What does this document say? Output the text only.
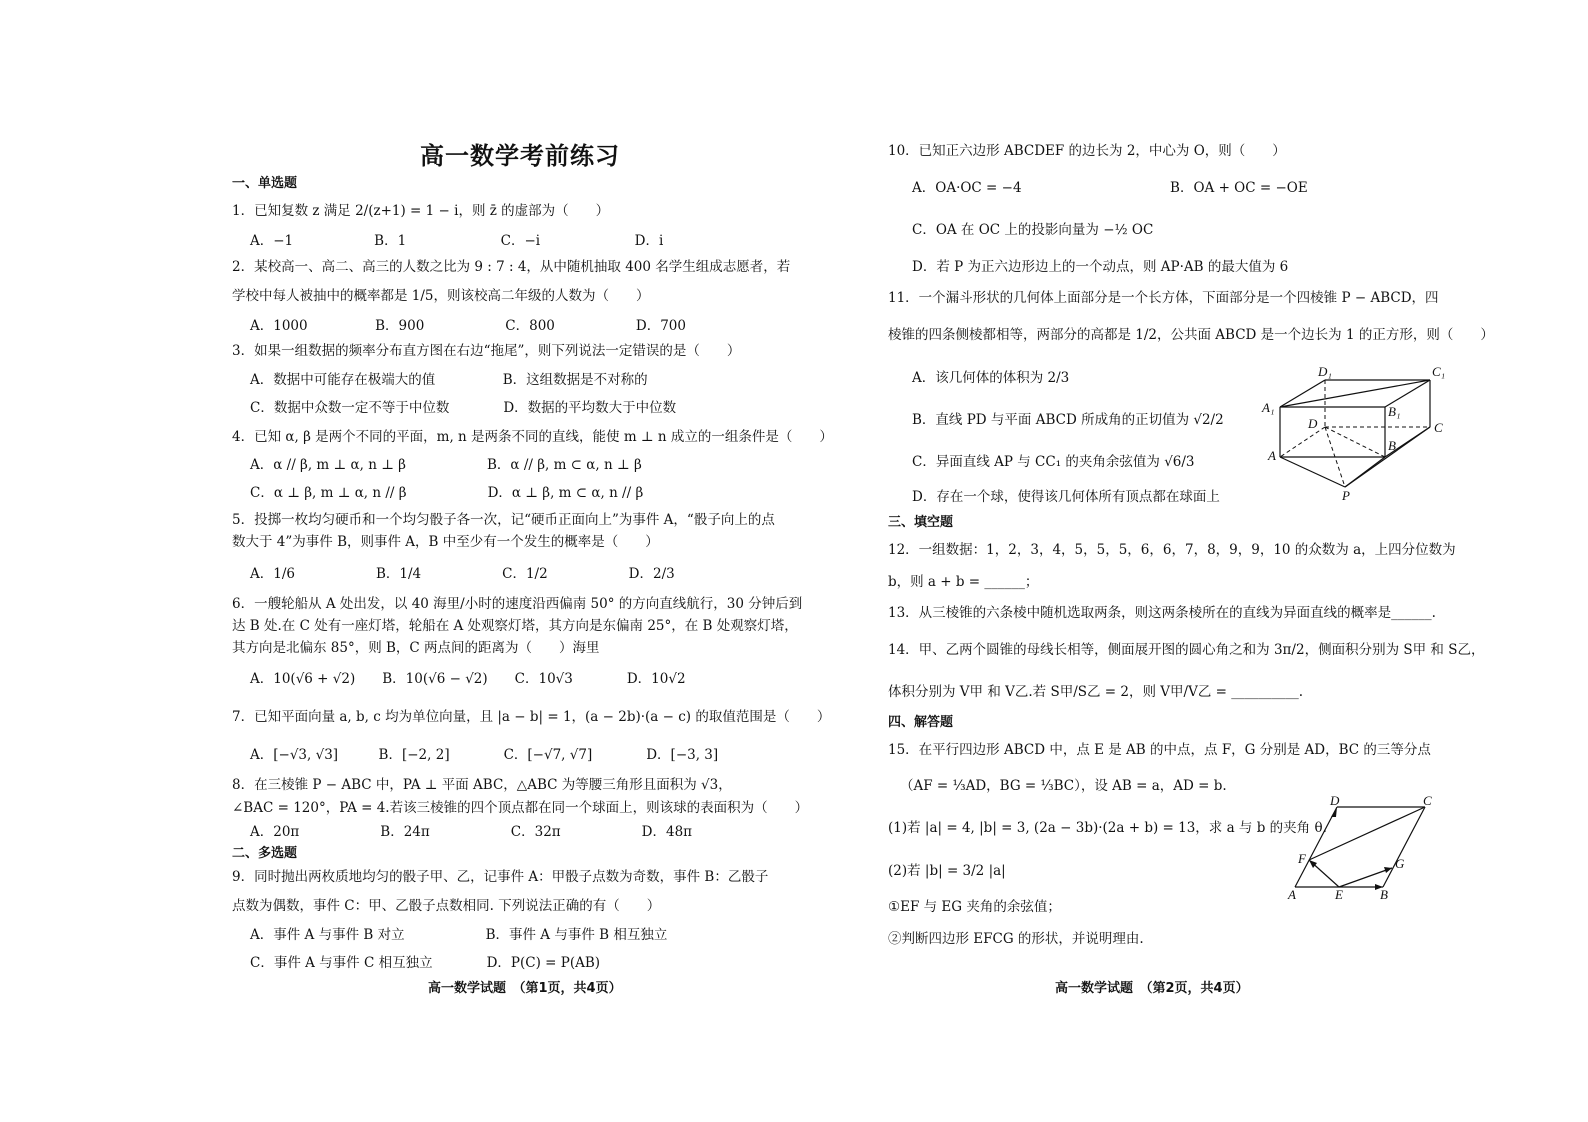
高一数学考前练习
一、单选题
1．已知复数 z 满足 2/(z+1) = 1 − i，则 z̄ 的虚部为（　　）
A．−1　　　　　　B．1　　　　　　　C．−i　　　　　　　D．i
2．某校高一、高二、高三的人数之比为 9 : 7 : 4，从中随机抽取 400 名学生组成志愿者，若
学校中每人被抽中的概率都是 1/5，则该校高二年级的人数为（　　）
A．1000　　　　　B．900　　　　　　C．800　　　　　　D．700
3．如果一组数据的频率分布直方图在右边“拖尾”，则下列说法一定错误的是（　　）
A．数据中可能存在极端大的值　　　　　B．这组数据是不对称的
C．数据中众数一定不等于中位数　　　　D．数据的平均数大于中位数
4．已知 α, β 是两个不同的平面，m, n 是两条不同的直线，能使 m ⊥ n 成立的一组条件是（　　）
A．α // β, m ⊥ α, n ⊥ β　　　　　　B．α // β, m ⊂ α, n ⊥ β
C．α ⊥ β, m ⊥ α, n // β　　　　　　D．α ⊥ β, m ⊂ α, n // β
5．投掷一枚均匀硬币和一个均匀骰子各一次，记“硬币正面向上”为事件 A，“骰子向上的点
数大于 4”为事件 B，则事件 A，B 中至少有一个发生的概率是（　　）
A．1/6　　　　　　B．1/4　　　　　　C．1/2　　　　　　D．2/3
6．一艘轮船从 A 处出发，以 40 海里/小时的速度沿西偏南 50° 的方向直线航行，30 分钟后到
达 B 处.在 C 处有一座灯塔，轮船在 A 处观察灯塔，其方向是东偏南 25°，在 B 处观察灯塔，
其方向是北偏东 85°，则 B，C 两点间的距离为（　　）海里
A．10(√6 + √2)　　B．10(√6 − √2)　　C．10√3　　　　D．10√2
7．已知平面向量 a, b, c 均为单位向量，且 |a − b| = 1，(a − 2b)·(a − c) 的取值范围是（　　）
A．[−√3, √3]　　　B．[−2, 2]　　　　C．[−√7, √7]　　　　D．[−3, 3]
8．在三棱锥 P − ABC 中，PA ⊥ 平面 ABC，△ABC 为等腰三角形且面积为 √3，
∠BAC = 120°，PA = 4.若该三棱锥的四个顶点都在同一个球面上，则该球的表面积为（　　）
A．20π　　　　　　B．24π　　　　　　C．32π　　　　　　D．48π
二、多选题
9．同时抛出两枚质地均匀的骰子甲、乙，记事件 A：甲骰子点数为奇数，事件 B：乙骰子
点数为偶数，事件 C：甲、乙骰子点数相同. 下列说法正确的有（　　）
A．事件 A 与事件 B 对立　　　　　　B．事件 A 与事件 B 相互独立
C．事件 A 与事件 C 相互独立　　　　D．P(C) = P(AB)
10．已知正六边形 ABCDEF 的边长为 2，中心为 O，则（　　）
A．OA·OC = −4　　　　　　　　　　　B．OA + OC = −OE
C．OA 在 OC 上的投影向量为 −½ OC
D．若 P 为正六边形边上的一个动点，则 AP·AB 的最大值为 6
11．一个漏斗形状的几何体上面部分是一个长方体，下面部分是一个四棱锥 P − ABCD，四
棱锥的四条侧棱都相等，两部分的高都是 1/2，公共面 ABCD 是一个边长为 1 的正方形，则（　　）
A．该几何体的体积为 2/3
B．直线 PD 与平面 ABCD 所成角的正切值为 √2/2
C．异面直线 AP 与 CC₁ 的夹角余弦值为 √6/3
D．存在一个球，使得该几何体所有顶点都在球面上
三、填空题
12．一组数据：1，2，3，4，5，5，5，6，6，7，8，9，9，10 的众数为 a，上四分位数为
b，则 a + b = ______；
13．从三棱锥的六条棱中随机选取两条，则这两条棱所在的直线为异面直线的概率是______.
14．甲、乙两个圆锥的母线长相等，侧面展开图的圆心角之和为 3π/2，侧面积分别为 S甲 和 S乙，
体积分别为 V甲 和 V乙.若 S甲/S乙 = 2，则 V甲/V乙 = __________.
四、解答题
15．在平行四边形 ABCD 中，点 E 是 AB 的中点，点 F，G 分别是 AD，BC 的三等分点
（AF = ⅓AD，BG = ⅓BC），设 AB = a，AD = b.
(1)若 |a| = 4, |b| = 3, (2a − 3b)·(2a + b) = 13，求 a 与 b 的夹角 θ.
(2)若 |b| = 3/2 |a|
①EF 与 EG 夹角的余弦值；
②判断四边形 EFCG 的形状，并说明理由.
高一数学试题　（第1页，共4页）	高一数学试题　（第2页，共4页）
D₁	C₁
A₁	B₁
D	C
B
A
P
D	C
F	G
A	E	B
